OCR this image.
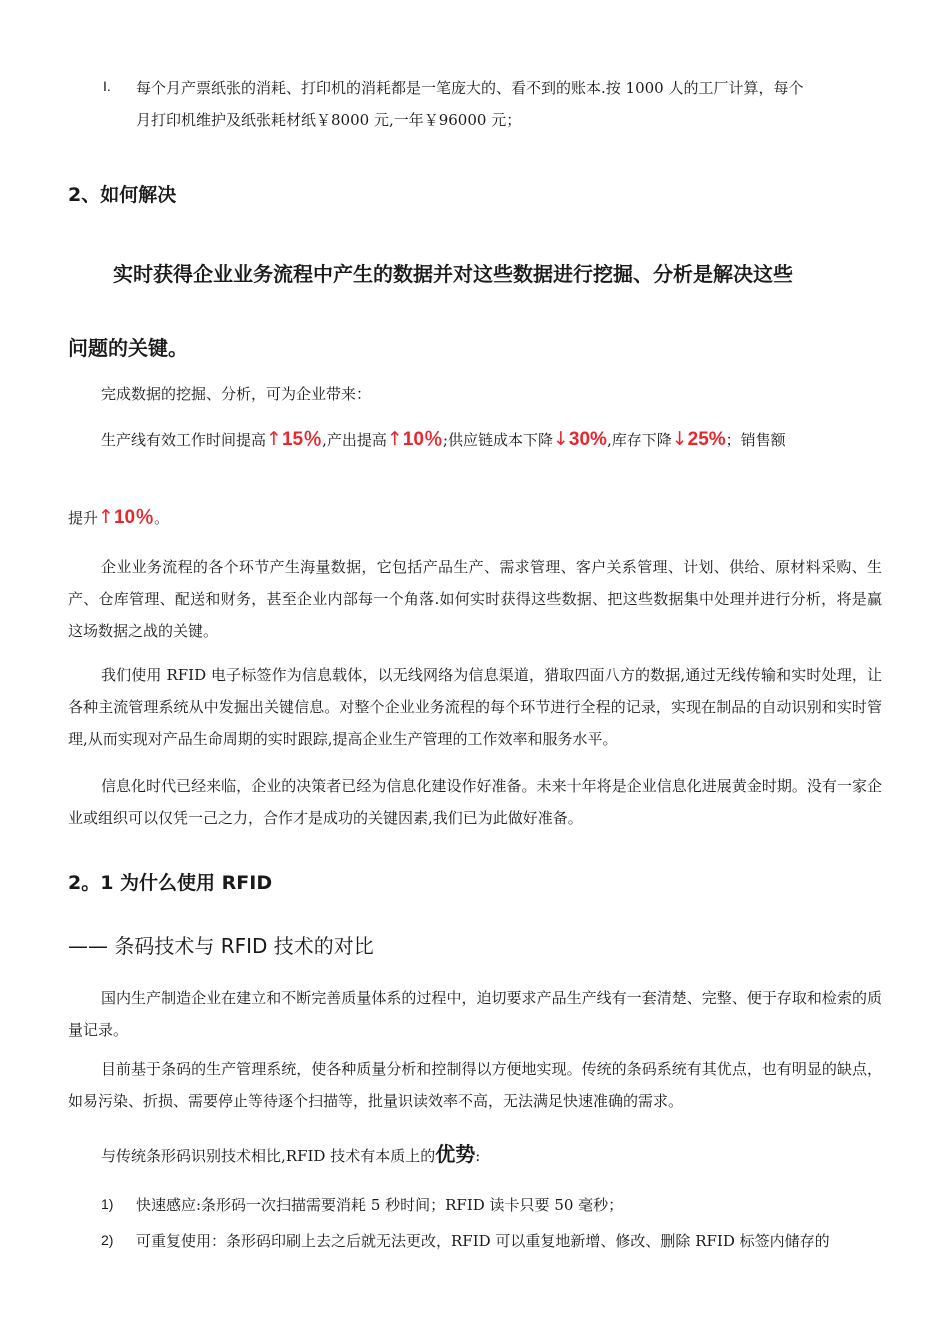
I. 每个月产票纸张的消耗、打印机的消耗都是一笔庞大的、看不到的账本.按 1000 人的工厂计算，每个

月打印机维护及纸张耗材纸￥8000 元,一年￥96000 元；

2、如何解决

实时获得企业业务流程中产生的数据并对这些数据进行挖掘、分析是解决这些

问题的关键。

完成数据的挖掘、分析，可为企业带来：

生产线有效工作时间提高↑15％,产出提高↑10％;供应链成本下降↓30%,库存下降↓25%；销售额
提升↑10％。

企业业务流程的各个环节产生海量数据，它包括产品生产、需求管理、客户关系管理、计划、供给、原材料采购、生产、仓库管理、配送和财务，甚至企业内部每一个角落.如何实时获得这些数据、把这些数据集中处理并进行分析，将是赢这场数据之战的关键。

我们使用 RFID 电子标签作为信息载体，以无线网络为信息渠道，猎取四面八方的数据,通过无线传输和实时处理，让各种主流管理系统从中发掘出关键信息。对整个企业业务流程的每个环节进行全程的记录，实现在制品的自动识别和实时管理,从而实现对产品生命周期的实时跟踪,提高企业生产管理的工作效率和服务水平。

信息化时代已经来临，企业的决策者已经为信息化建设作好准备。未来十年将是企业信息化进展黄金时期。没有一家企业或组织可以仅凭一己之力，合作才是成功的关键因素,我们已为此做好准备。

2。1 为什么使用 RFID

—— 条码技术与 RFID 技术的对比

国内生产制造企业在建立和不断完善质量体系的过程中，迫切要求产品生产线有一套清楚、完整、便于存取和检索的质量记录。

目前基于条码的生产管理系统，使各种质量分析和控制得以方便地实现。传统的条码系统有其优点，也有明显的缺点，如易污染、折损、需要停止等待逐个扫描等，批量识读效率不高，无法满足快速准确的需求。

与传统条形码识别技术相比,RFID 技术有本质上的优势:
1) 快速感应:条形码一次扫描需要消耗 5 秒时间；RFID 读卡只要 50 毫秒；

2) 可重复使用：条形码印刷上去之后就无法更改，RFID 可以重复地新增、修改、删除 RFID 标签内储存的
